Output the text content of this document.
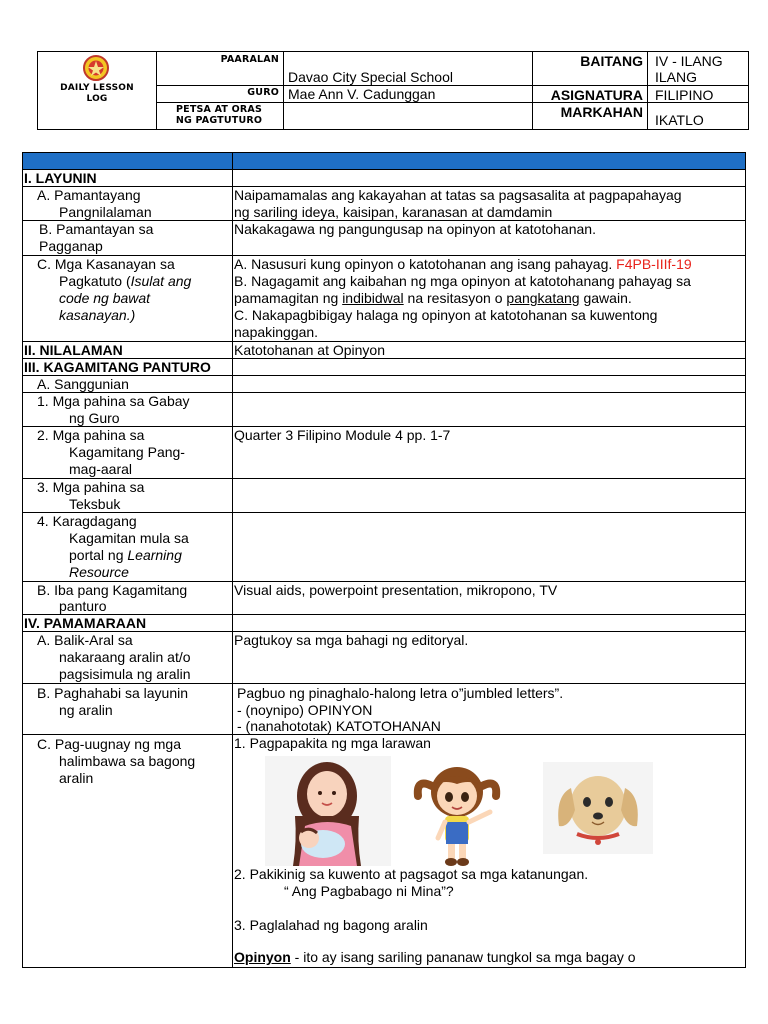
DAILY LESSON
LOG
PAARALAN
Davao City Special School
GURO Mae Ann V. Cadunggan
PETSA AT ORAS
NG PAGTUTURO
BAITANG IV - ILANG
ILANG
ASIGNATURA FILIPINO
MARKAHAN IKATLO
I. LAYUNIN
A. Pamantayang
Pangnilalaman
Naipamamalas ang kakayahan at tatas sa pagsasalita at pagpapahayag
ng sariling ideya, kaisipan, karanasan at damdamin
B. Pamantayan sa
Pagganap
Nakakagawa ng pangungusap na opinyon at katotohanan.
C. Mga Kasanayan sa
Pagkatuto (Isulat ang
code ng bawat
kasanayan.)
A. Nasusuri kung opinyon o katotohanan ang isang pahayag. F4PB-IIIf-19
B. Nagagamit ang kaibahan ng mga opinyon at katotohanang pahayag sa
pamamagitan ng indibidwal na resitasyon o pangkatang gawain.
C. Nakapagbibigay halaga ng opinyon at katotohanan sa kuwentong
napakinggan.
II. NILALAMAN	Katotohanan at Opinyon
III. KAGAMITANG PANTURO
A. Sanggunian
1. Mga pahina sa Gabay
ng Guro
2. Mga pahina sa
Kagamitang Pang-
mag-aaral
Quarter 3 Filipino Module 4 pp. 1-7
3. Mga pahina sa
Teksbuk
4. Karagdagang
Kagamitan mula sa
portal ng Learning
Resource
B. Iba pang Kagamitang
panturo
Visual aids, powerpoint presentation, mikropono, TV
IV. PAMAMARAAN
A. Balik-Aral sa
nakaraang aralin at/o
pagsisimula ng aralin
Pagtukoy sa mga bahagi ng editoryal.
B. Paghahabi sa layunin
ng aralin
Pagbuo ng pinaghalo-halong letra o”jumbled letters”.
- (noynipo) OPINYON
- (nanahototak) KATOTOHANAN
C. Pag-uugnay ng mga
halimbawa sa bagong
aralin
1. Pagpapakita ng mga larawan
2. Pakikinig sa kuwento at pagsagot sa mga katanungan.
“ Ang Pagbabago ni Mina”?
3. Paglalahad ng bagong aralin
Opinyon - ito ay isang sariling pananaw tungkol sa mga bagay o
